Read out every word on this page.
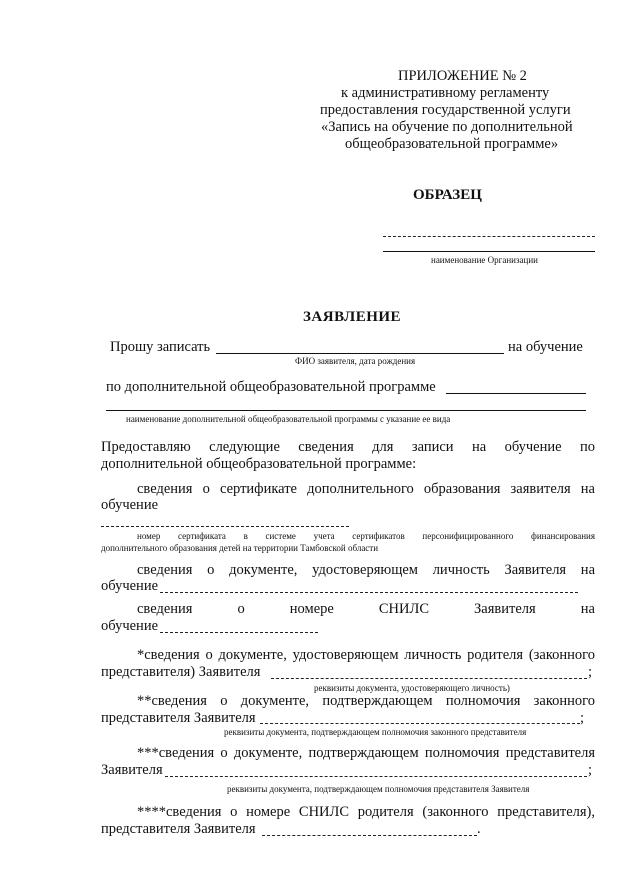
ПРИЛОЖЕНИЕ № 2
к административному регламенту
предоставления государственной услуги
«Запись на обучение по дополнительной
общеобразовательной программе»
ОБРАЗЕЦ
наименование Организации
ЗАЯВЛЕНИЕ
Прошу записать	на обучение
ФИО заявителя, дата рождения
по дополнительной общеобразовательной программе
наименование дополнительной общеобразовательной программы с указание ее вида
Предоставляю следующие сведения для записи на обучение по
дополнительной общеобразовательной программе:
сведения о сертификате дополнительного образования заявителя на
обучение
номер сертификата в системе учета сертификатов персонифицированного финансирования
дополнительного образования детей на территории Тамбовской области
сведения о документе, удостоверяющем личность Заявителя на
обучение
сведения	о	номере	СНИЛС	Заявителя	на
обучение
*сведения о документе, удостоверяющем личность родителя (законного
представителя) Заявителя	;
реквизиты документа, удостоверяющего личность)
**сведения о документе, подтверждающем полномочия законного
представителя Заявителя	;
реквизиты документа, подтверждающем полномочия законного представителя
***сведения о документе, подтверждающем полномочия представителя
Заявителя	;
реквизиты документа, подтверждающем полномочия представителя Заявителя
****сведения о номере СНИЛС родителя (законного представителя),
представителя Заявителя	.
